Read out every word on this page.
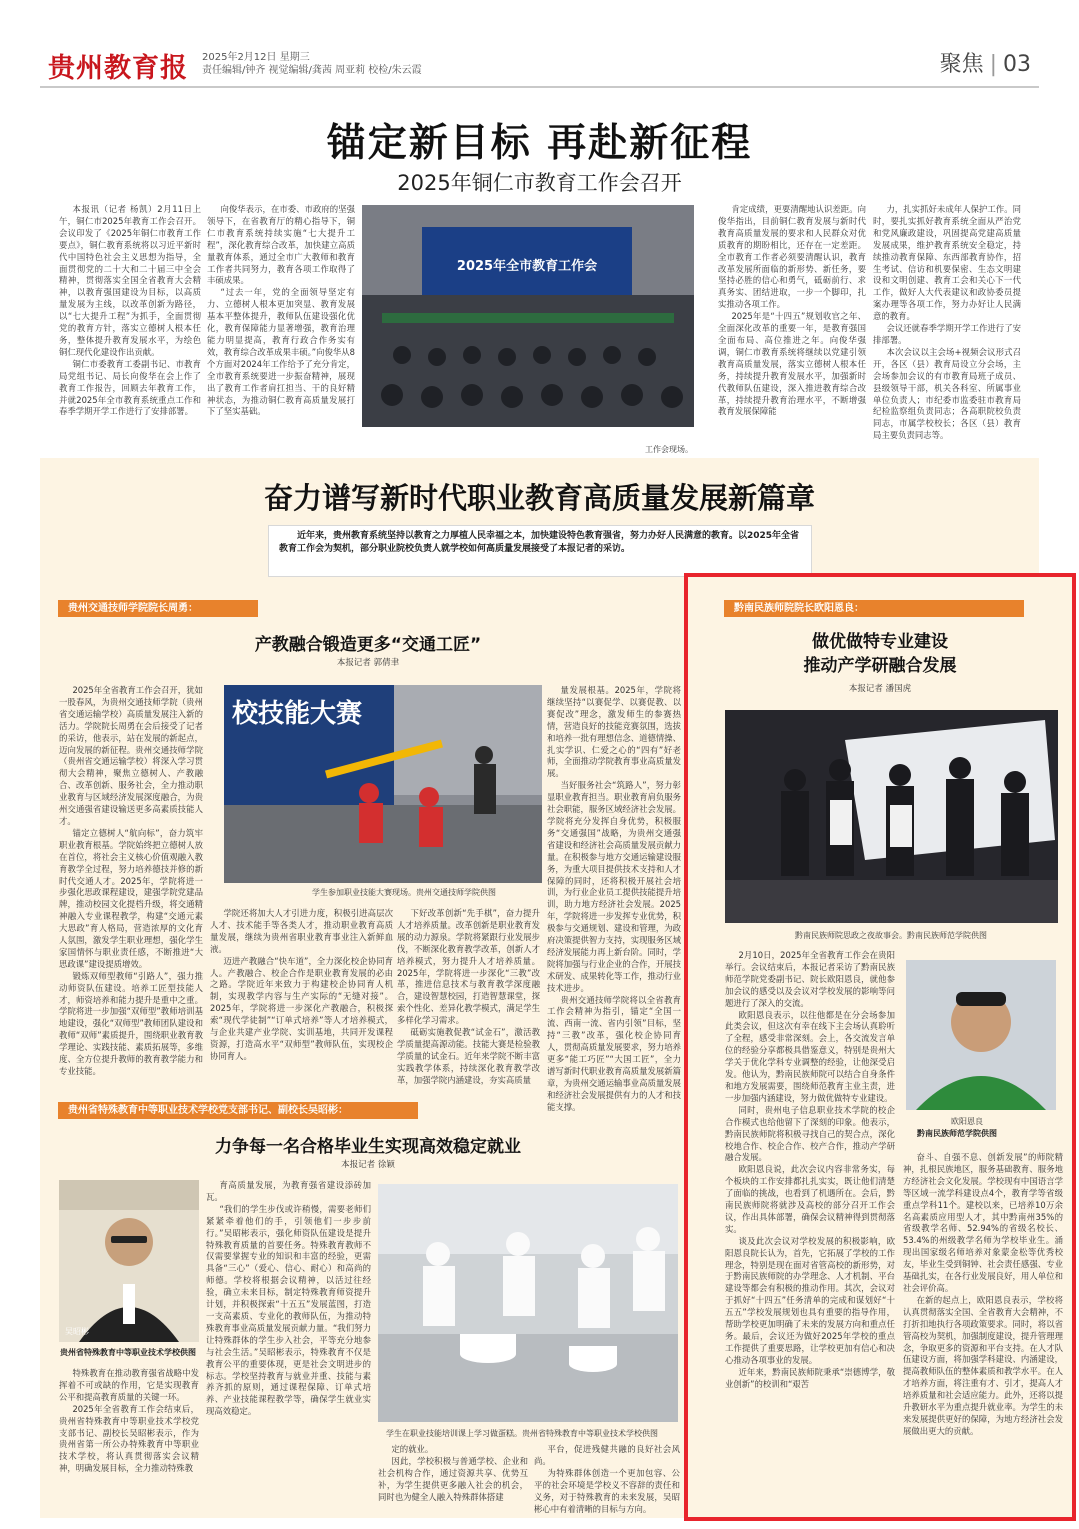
贵州教育报 2025年2月12日 星期三
责任编辑/钟齐 视觉编辑/龚茜 周亚莉 校检/朱云霞	聚焦 | 03
锚定新目标 再赴新征程
2025年铜仁市教育工作会召开

本报讯（记者 杨凯）2月11日上午，铜仁市2025年教育工作会召开。会议印发了《2025年铜仁市教育工作要点》，铜仁教育系统将以习近平新时代中国特色社会主义思想为指导，全面贯彻党的二十大和二十届三中全会精神，贯彻落实全国全省教育大会精神，以教育强国建设为目标，以高质量发展为主线，以改革创新为路径，以“七大提升工程”为抓手，全面贯彻党的教育方针，落实立德树人根本任务，整体提升教育发展水平，为绘色铜仁现代化建设作出贡献。

铜仁市委教育工委副书记、市教育局党组书记、局长向俊华在会上作了教育工作报告，回顾去年教育工作，并就2025年全市教育系统重点工作和春季学期开学工作进行了安排部署。

向俊华表示，在市委、市政府的坚强领导下，在省教育厅的精心指导下，铜仁市教育系统持续实施“七大提升工程”，深化教育综合改革，加快建立高质量教育体系，通过全市广大教师和教育工作者共同努力，教育各项工作取得了丰硕成果。

“过去一年，党的全面领导坚定有力、立德树人根本更加突显、教育发展基本平整体提升，教师队伍建设强化优化，教育保障能力显著增强，教育治理能力明显提高，教育行政合作务实有效，教育综合改革成果丰硕。”向俊华从8个方面对2024年工作给予了充分肯定，全市教育系统要进一步振奋精神，展现出了教育工作者肩扛担当、干的良好精神状态，为推动铜仁教育高质量发展打下了坚实基础。

2025年全市教育工作会
工作会现场。

肯定成绩，更要清醒地认识差距。向俊华指出，目前铜仁教育发展与新时代教育高质量发展的要求和人民群众对优质教育的期盼相比，还存在一定差距。全市教育工作者必须要清醒认识，教育改革发展所面临的新形势、新任务，要坚持必胜的信心和勇气，砥砺前行、求真务实、团结进取，一步一个脚印，扎实推动各项工作。

2025年是“十四五”规划收官之年、全面深化改革的重要一年，是教育强国全面布局、高位推进之年。向俊华强调，铜仁市教育系统将继续以党建引领教育高质量发展，落实立德树人根本任务，持续提升教育发展水平，加强新时代教师队伍建设，深入推进教育综合改革，持续提升教育治理水平，不断增强教育发展保障能

力，扎实抓好未成年人保护工作。同时，要扎实抓好教育系统全面从严治党和党风廉政建设，巩固提高党建高质量发展成果，维护教育系统安全稳定，持续推动教育保障、东西部教育协作，招生考试、信访和机要保密、生态文明建设和文明创建、教育工会和关心下一代工作，做好人大代表建议和政协委员提案办理等各项工作，努力办好让人民满意的教育。

会议还就春季学期开学工作进行了安排部署。

本次会议以主会场+视频会议形式召开，各区（县）教育局设立分会场，主会场参加会议的有市教育局班子成员、县级领导干部，机关各科室、所属事业单位负责人；市纪委市监委驻市教育局纪检监察组负责同志；各高职院校负责同志，市属学校校长；各区（县）教育局主要负责同志等。

奋力谱写新时代职业教育高质量发展新篇章

近年来，贵州教育系统坚持以教育之力厚植人民幸福之本，加快建设特色教育强省，努力办好人民满意的教育。以2025年全省教育工作会为契机，部分职业院校负责人就学校如何高质量发展接受了本报记者的采访。

贵州交通技师学院院长周勇：
产教融合锻造更多“交通工匠”
本报记者 郭倩聿

2025年全省教育工作会召开，犹如一股春风，为贵州交通技师学院（贵州省交通运输学校）高质量发展注入新的活力。学院院长周勇在会后接受了记者的采访，他表示，站在发展的新起点，迈向发展的新征程。贵州交通技师学院（贵州省交通运输学校）将深入学习贯彻大会精神，聚焦立德树人、产教融合、改革创新、服务社会，全力推动职业教育与区域经济发展深度融合，为贵州交通强省建设输送更多高素质技能人才。

锚定立德树人“航向标”，奋力筑牢职业教育根基。学院始终把立德树人放在首位，将社会主义核心价值观融入教育教学全过程，努力培养德技并修的新时代交通人才。2025年，学院将进一步强化思政课程建设，建强学院党建品牌，推动校园文化提档升级，将交通精神融入专业课程教学，构建“交通元素大思政”育人格局，营造浓厚的文化育人氛围，激发学生职业理想，强化学生家国情怀与职业责任感，不断推进“大思政课”建设提质增效。

锻炼双师型教师“引路人”，强力推动师资队伍建设。培养工匠型技能人才，师资培养和能力提升是重中之重。学院将进一步加强“双师型”教师培训基地建设，强化“双师型”教师团队建设和教师“双师”素质提升，围绕职业教育教学理论、实践技能、素质拓展等，多维度、全方位提升教师的教育教学能力和专业技能。

校技能大赛
学生参加职业技能大赛现场。贵州交通技师学院供图

学院还将加大人才引进力度，积极引进高层次人才、技术能手等各类人才，推动职业教育高质量发展，继续为贵州省职业教育事业注入新鲜血液。

迈进产教融合“快车道”，全力深化校企协同育人。产教融合、校企合作是职业教育发展的必由之路。学院近年来致力于构建校企协同育人机制，实现教学内容与生产实际的“无缝对接”。2025年，学院将进一步深化产教融合，积极探索“现代学徒制”“订单式培养”等人才培养模式，与企业共建产业学院、实训基地，共同开发课程资源，打造高水平“双师型”教师队伍，实现校企协同育人。

下好改革创新“先手棋”，奋力提升人才培养质量。改革创新是职业教育发展的动力源泉。学院将紧跟行业发展步伐，不断深化教育教学改革，创新人才培养模式，努力提升人才培养质量。2025年，学院将进一步深化“三教”改革，推进信息技术与教育教学深度融合，建设智慧校园，打造智慧课堂，探索个性化、差异化教学模式，满足学生多样化学习需求。

砥砺实施教促教“试金石”，激活教学质量提高源动能。技能大赛是检验教学质量的试金石。近年来学院不断丰富实践教学体系，持续深化教育教学改革，加强学院内涵建设，夯实高质量

量发展根基。2025年，学院将继续坚持“以赛促学、以赛促教、以赛促改”理念，激发师生的参赛热情，营造良好的技能竞赛氛围，选拔和培养一批有理想信念、道德情操、扎实学识、仁爱之心的“四有”好老师，全面推动学院教育事业高质量发展。

当好服务社会“筑路人”，努力彰显职业教育担当。职业教育肩负服务社会职能，服务区域经济社会发展。学院将充分发挥自身优势，积极服务“交通强国”战略，为贵州交通强省建设和经济社会高质量发展贡献力量。在积极参与地方交通运输建设服务，为重大项目提供技术支持和人才保障的同时，还将积极开展社会培训，为行业企业员工提供技能提升培训，助力地方经济社会发展。2025年，学院将进一步发挥专业优势，积极参与交通规划、建设和管理，为政府决策提供智力支持，实现服务区域经济发展能力再上新台阶。同时，学院将加强与行业企业的合作，开展技术研发、成果转化等工作，推动行业技术进步。

贵州交通技师学院将以全省教育工作会精神为指引，锚定“全国一流、西南一流、省内引领”目标，坚持“三教”改革，强化校企协同育人，贯彻高质量发展要求，努力培养更多“能工巧匠”“大国工匠”，全力谱写新时代职业教育高质量发展新篇章，为贵州交通运输事业高质量发展和经济社会发展提供有力的人才和技能支撑。

贵州省特殊教育中等职业技术学校党支部书记、副校长吴昭彬：
力争每一名合格毕业生实现高效稳定就业
本报记者 徐颖
吴昭彬
贵州省特殊教育中等职业技术学校供图

特殊教育在推动教育强省战略中发挥着不可或缺的作用，它是实现教育公平和提高教育质量的关键一环。

2025年全省教育工作会结束后，贵州省特殊教育中等职业技术学校党支部书记、副校长吴昭彬表示，作为贵州省第一所公办特殊教育中等职业技术学校，将认真贯彻落实会议精神，明确发展目标，全力推动特殊教

育高质量发展，为教育强省建设添砖加瓦。

“我们的学生步伐或许稍慢，需要老师们紧紧牵着他们的手，引领他们一步步前行。”吴昭彬表示，强化师资队伍建设是提升特殊教育质量的首要任务。特殊教育教师不仅需要掌握专业的知识和丰富的经验，更需具备“三心”（爱心、信心、耐心）和高尚的师德。学校将根据会议精神，以活过往经验，确立未来目标，制定特殊教育师资提升计划，并积极探索“十五五”发展蓝图，打造一支高素质、专业化的教师队伍，为推动特殊教育事业高质量发展贡献力量。“我们努力让特殊群体的学生步入社会，平等充分地参与社会生活。”吴昭彬表示，特殊教育不仅是教育公平的重要体现，更是社会文明进步的标志。学校坚持教育与就业并重、技能与素养齐抓的原则，通过课程保障、订单式培养、产业技能课程教学等，确保学生就业实现高效稳定。

学生在职业技能培训课上学习做蛋糕。贵州省特殊教育中等职业技术学校供图

定的就业。

因此，学校积极与普通学校、企业和社会机构合作，通过资源共享、优势互补，为学生提供更多融入社会的机会，同时也为健全人融入特殊群体搭建

平台，促进残健共融的良好社会风尚。

为特殊群体创造一个更加包容、公平的社会环境是学校义不容辞的责任和义务，对于特殊教育的未来发展，吴昭彬心中有着清晰的目标与方向。

黔南民族师院院长欧阳恩良：
做优做特专业建设
推动产学研融合发展
本报记者 潘国虎
黔南民族师院思政之夜故事会。黔南民族师范学院供图

2月10日，2025年全省教育工作会在贵阳举行。会议结束后，本报记者采访了黔南民族师范学院党委副书记、院长欧阳恩良，就他参加会议的感受以及会议对学校发展的影响等问题进行了深入的交流。

欧阳恩良表示，以往他都是在分会场参加此类会议，但这次有幸在线下主会场认真聆听了全程，感受非常深刻。会上，各交流发言单位的经验分享都极具借鉴意义，特别是贵州大学关于优化学科专业调整的经验，让他深受启发。他认为，黔南民族师院可以结合自身条件和地方发展需要，围绕师范教育主业主责，进一步加强内涵建设，努力做优做特专业建设。

同时，贵州电子信息职业技术学院的校企合作模式也给他留下了深刻的印象。他表示，黔南民族师院将积极寻找自己的契合点，深化校地合作、校企合作、校产合作，推动产学研融合发展。

欧阳恩良说，此次会议内容非常务实，每个板块的工作安排都扎扎实实，既让他们清楚了面临的挑战，也看到了机遇所在。会后，黔南民族师院将就涉及高校的部分召开工作会议，作出具体部署，确保会议精神得到贯彻落实。

谈及此次会议对学校发展的积极影响，欧阳恩良院长认为，首先，它拓展了学校的工作理念，特别是现在面对省管高校的新形势，对于黔南民族师院的办学理念、人才机制、平台建设等都会有积极的推动作用。其次，会议对于抓好“十四五”任务清单的完成和谋划好“十五五”学校发展规划也具有重要的指导作用，帮助学校更加明确了未来的发展方向和重点任务。最后，会议还为做好2025年学校的重点工作提供了重要思路，让学校更加有信心和决心推动各项事业的发展。

近年来，黔南民族师院秉承“崇德博学，敬业创新”的校训和“艰苦

欧阳恩良
黔南民族师范学院供图

奋斗、自强不息、创新发展”的师院精神，扎根民族地区，服务基础教育、服务地方经济社会文化发展。学校现有中国语言学等区域一流学科建设点4个，教育学等省级重点学科11个。建校以来，已培养10万余名高素质应用型人才，其中黔南州35%的省级教学名师、52.94%的省级名校长、53.4%的州级教学名师为学校毕业生。涌现出国家级名师培养对象蒙金松等优秀校友，毕业生受到铜钟、社会责任感强、专业基础扎实，在各行业发展良好，用人单位和社会评价高。

在新的起点上，欧阳恩良表示，学校将认真贯彻落实全国、全省教育大会精神，不打折扣地执行各项政策要求。同时，将以省管高校为契机，加强制度建设，提升管理理念，争取更多的资源和平台支持。在人才队伍建设方面，将加强学科建设、内涵建设，提高教师队伍的整体素质和教学水平。在人才培养方面，将注重有才、引才，提高人才培养质量和社会适应能力。此外，还将以提升教研水平为重点提升就业率。为学生的未来发展提供更好的保障，为地方经济社会发展做出更大的贡献。
